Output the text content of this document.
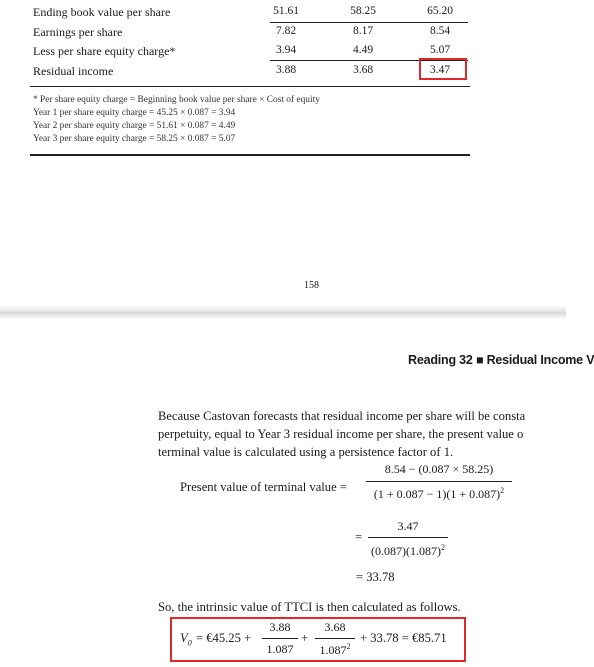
Ending book value per share	51.61	58.25	65.20
Earnings per share	7.82	8.17	8.54
Less per share equity charge*	3.94	4.49	5.07
Residual income	3.88	3.68	3.47
* Per share equity charge = Beginning book value per share × Cost of equity
Year 1 per share equity charge = 45.25 × 0.087 = 3.94
Year 2 per share equity charge = 51.61 × 0.087 = 4.49
Year 3 per share equity charge = 58.25 × 0.087 = 5.07
158
Reading 32 ■ Residual Income V
Because Castovan forecasts that residual income per share will be consta
perpetuity, equal to Year 3 residual income per share, the present value o
terminal value is calculated using a persistence factor of 1.
Present value of terminal value =
8.54 − (0.087 × 58.25)
$(1 + 0.087 - 1)(1 + 0.087)^2$
=
3.47
$(0.087)(1.087)^2$
= 33.78
So, the intrinsic value of TTCI is then calculated as follows.
$V_0$ = €45.25 +
3.88
1.087
+
3.68
$1.087^2$
+ 33.78 = €85.71
